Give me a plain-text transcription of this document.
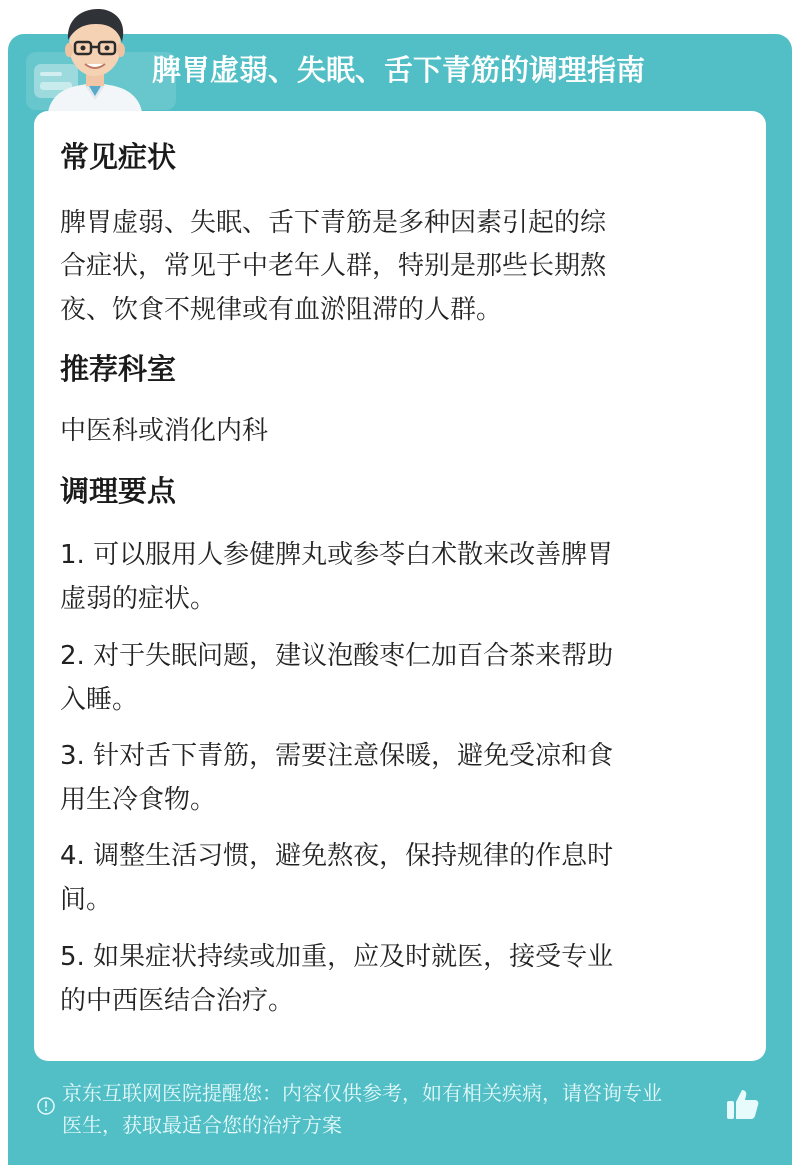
脾胃虚弱、失眠、舌下青筋的调理指南
常见症状
脾胃虚弱、失眠、舌下青筋是多种因素引起的综
合症状，常见于中老年人群，特别是那些长期熬
夜、饮食不规律或有血淤阻滞的人群。
推荐科室
中医科或消化内科
调理要点
1. 可以服用人参健脾丸或参苓白术散来改善脾胃
虚弱的症状。
2. 对于失眠问题，建议泡酸枣仁加百合茶来帮助
入睡。
3. 针对舌下青筋，需要注意保暖，避免受凉和食
用生冷食物。
4. 调整生活习惯，避免熬夜，保持规律的作息时
间。
5. 如果症状持续或加重，应及时就医，接受专业
的中西医结合治疗。
京东互联网医院提醒您：内容仅供参考，如有相关疾病，请咨询专业
医生，获取最适合您的治疗方案
